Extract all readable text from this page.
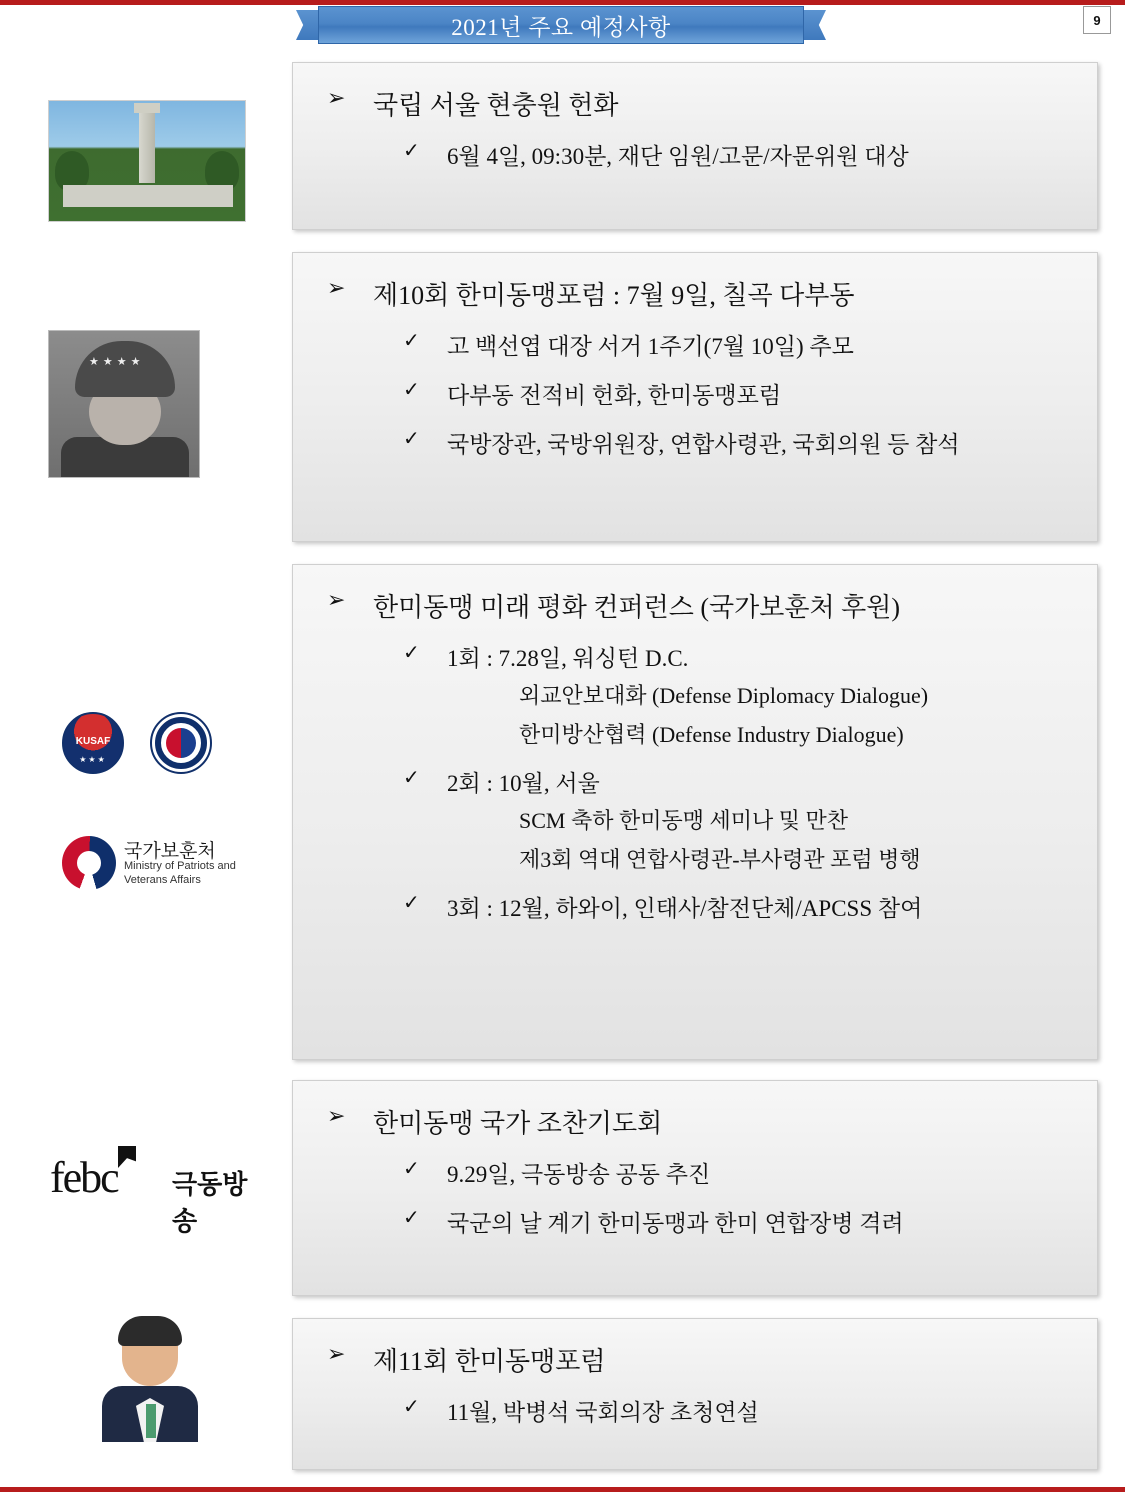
2021년 주요 예정사항	9
★★★★
KUSAF
★★★
국가보훈처
Ministry of Patriots and Veterans Affairs
febc 극동방송
➢	국립 서울 현충원 헌화
✓	6월 4일, 09:30분, 재단 임원/고문/자문위원 대상
➢	제10회 한미동맹포럼 : 7월 9일, 칠곡 다부동
✓	고 백선엽 대장 서거 1주기(7월 10일) 추모
✓	다부동 전적비 헌화, 한미동맹포럼
✓	국방장관, 국방위원장, 연합사령관, 국회의원 등 참석
➢	한미동맹 미래 평화 컨퍼런스 (국가보훈처 후원)
✓	1회 : 7.28일, 워싱턴 D.C.
외교안보대화 (Defense Diplomacy Dialogue)
한미방산협력 (Defense Industry Dialogue)
✓	2회 : 10월, 서울
SCM 축하 한미동맹 세미나 및 만찬
제3회 역대 연합사령관-부사령관 포럼 병행
✓	3회 : 12월, 하와이, 인태사/참전단체/APCSS 참여
➢	한미동맹 국가 조찬기도회
✓	9.29일, 극동방송 공동 추진
✓	국군의 날 계기 한미동맹과 한미 연합장병 격려
➢	제11회 한미동맹포럼
✓	11월, 박병석 국회의장 초청연설
